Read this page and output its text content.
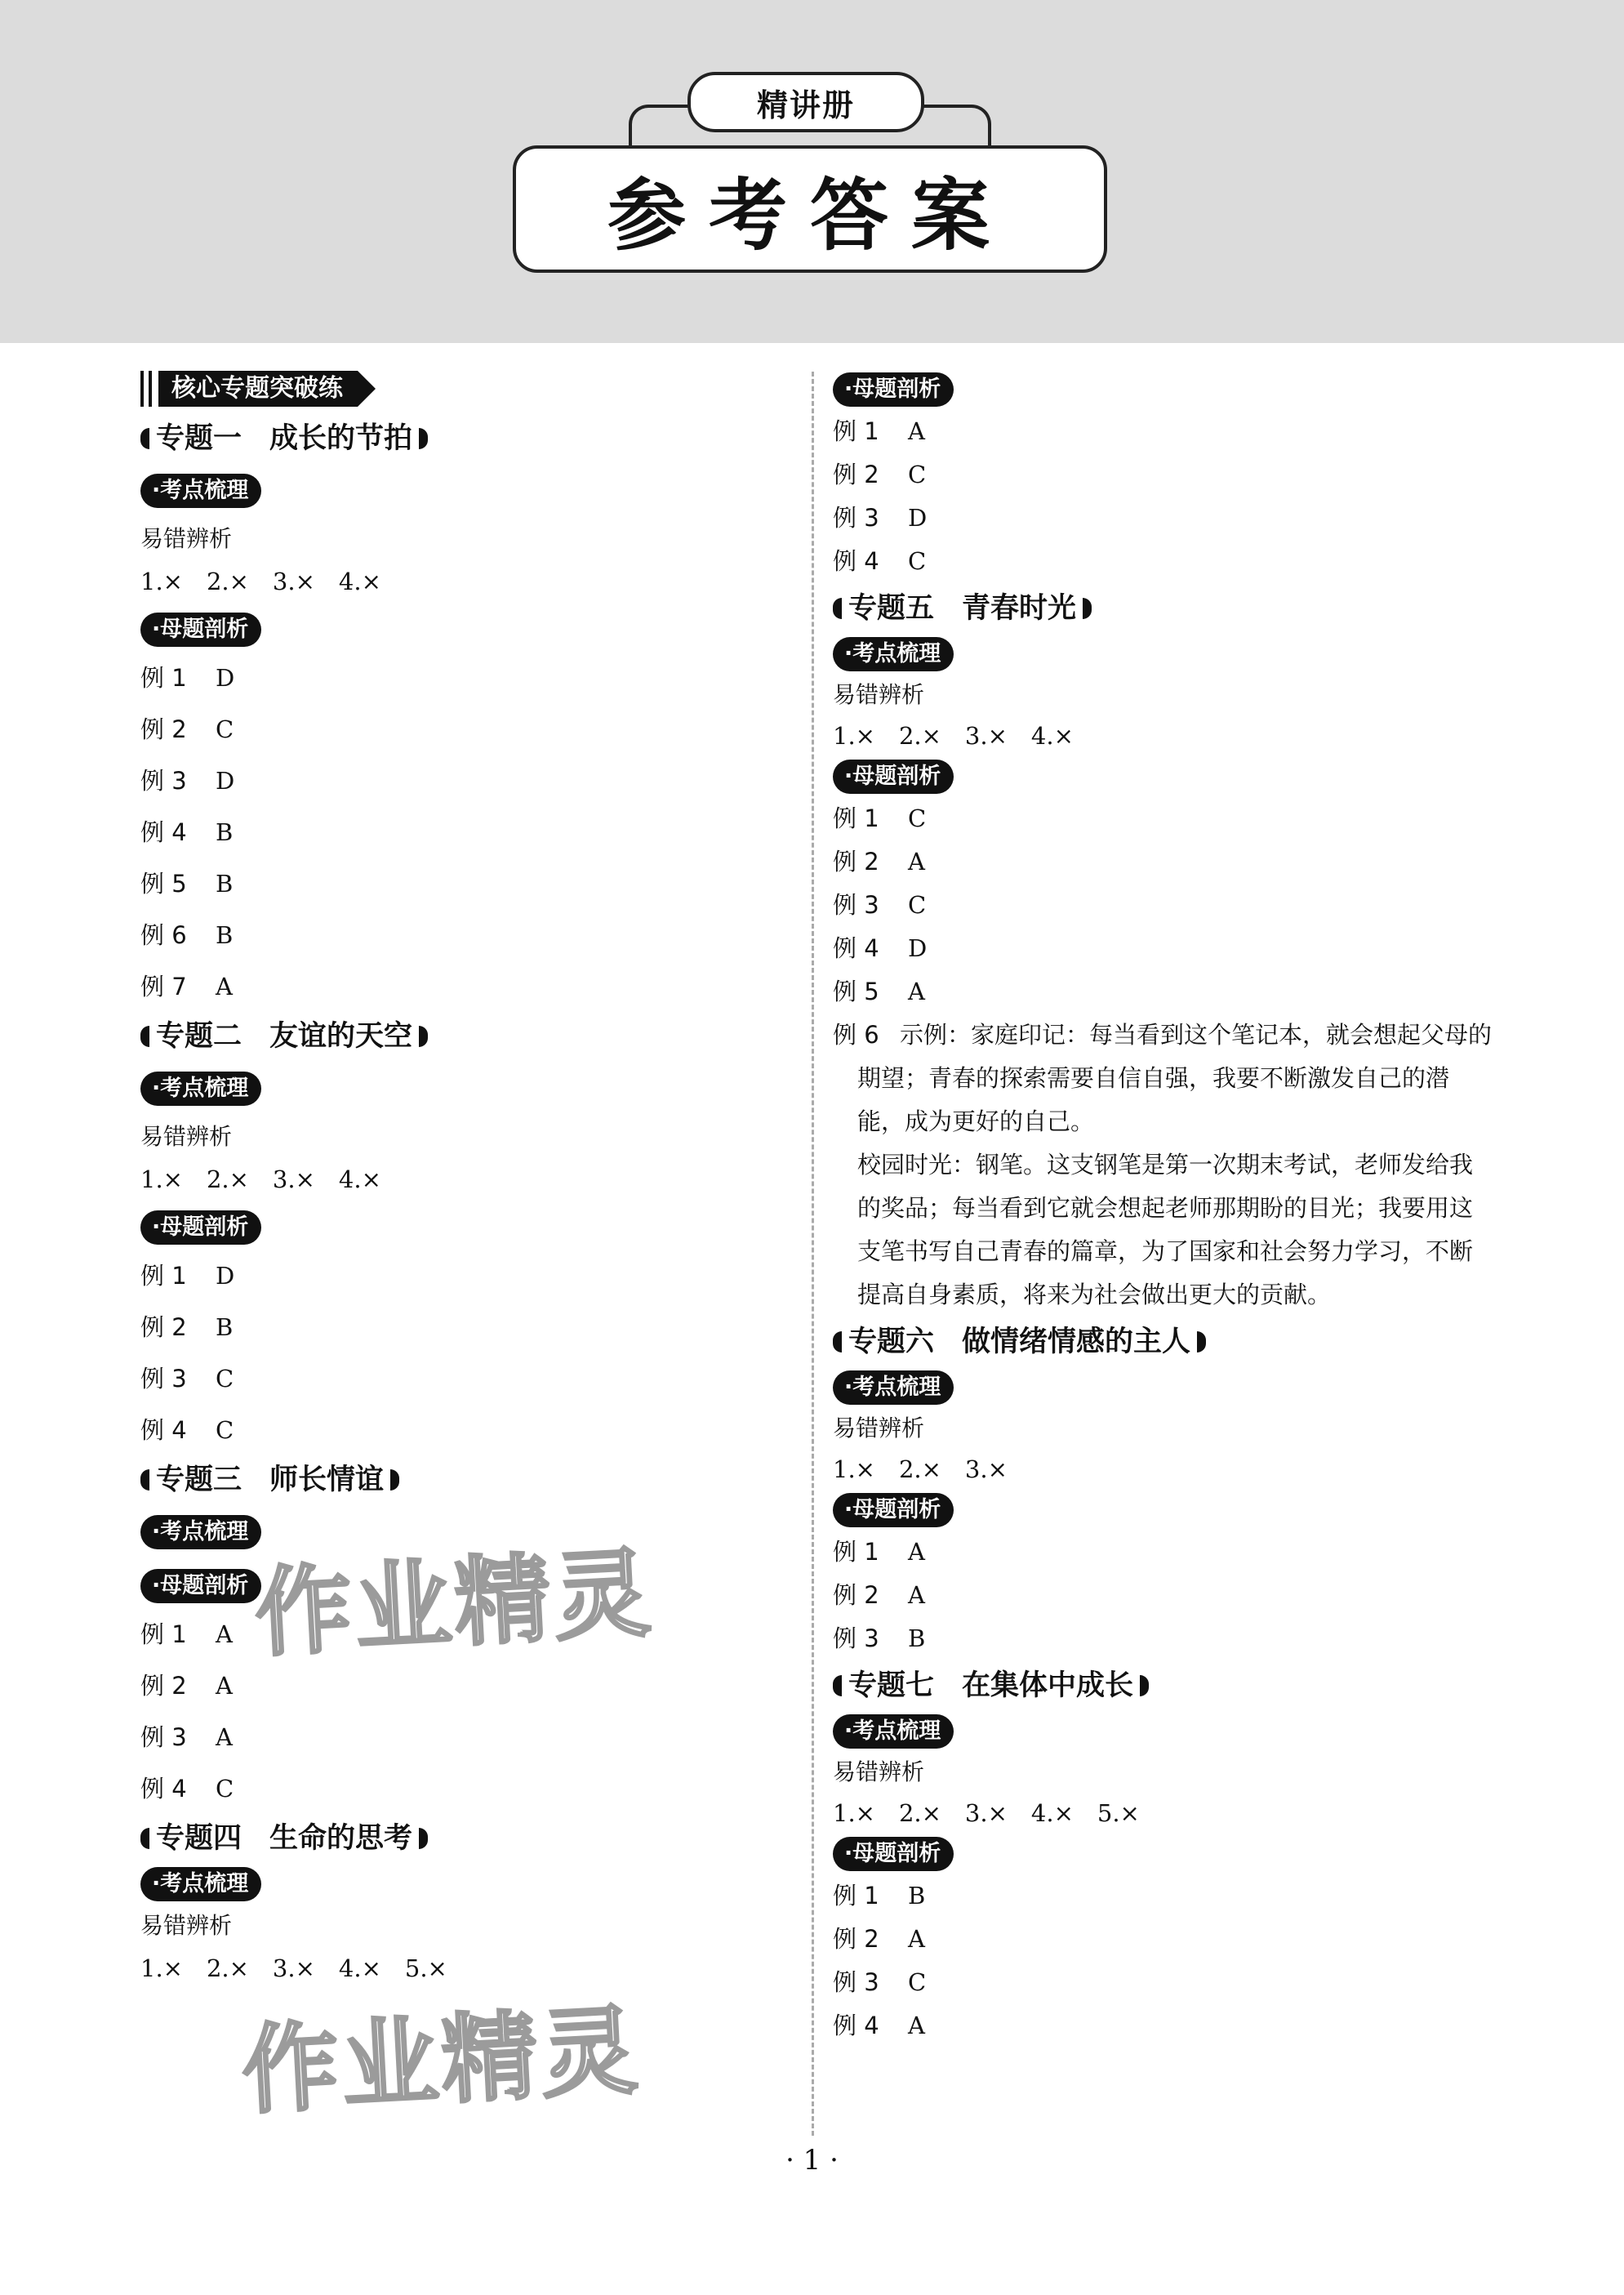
精讲册
参考答案
核心专题突破练
专题一 成长的节拍
·考点梳理
易错辨析
1.×　2.×　3.×　4.×
·母题剖析
例 1 D
例 2 C
例 3 D
例 4 B
例 5 B
例 6 B
例 7 A
专题二 友谊的天空
·考点梳理
易错辨析
1.×　2.×　3.×　4.×
·母题剖析
例 1 D
例 2 B
例 3 C
例 4 C
专题三 师长情谊
·考点梳理
·母题剖析
例 1 A
例 2 A
例 3 A
例 4 C
专题四 生命的思考
·考点梳理
易错辨析
1.×　2.×　3.×　4.×　5.×
·母题剖析
例 1 A
例 2 C
例 3 D
例 4 C
专题五 青春时光
·考点梳理
易错辨析
1.×　2.×　3.×　4.×
·母题剖析
例 1 C
例 2 A
例 3 C
例 4 D
例 5 A
例 6 示例：家庭印记：每当看到这个笔记本，就会想起父母的
期望；青春的探索需要自信自强，我要不断激发自己的潜
能，成为更好的自己。
校园时光：钢笔。这支钢笔是第一次期末考试，老师发给我
的奖品；每当看到它就会想起老师那期盼的目光；我要用这
支笔书写自己青春的篇章，为了国家和社会努力学习，不断
提高自身素质，将来为社会做出更大的贡献。
专题六 做情绪情感的主人
·考点梳理
易错辨析
1.×　2.×　3.×
·母题剖析
例 1 A
例 2 A
例 3 B
专题七 在集体中成长
·考点梳理
易错辨析
1.×　2.×　3.×　4.×　5.×
·母题剖析
例 1 B
例 2 A
例 3 C
例 4 A
作业精灵
作业精灵
· 1 ·
